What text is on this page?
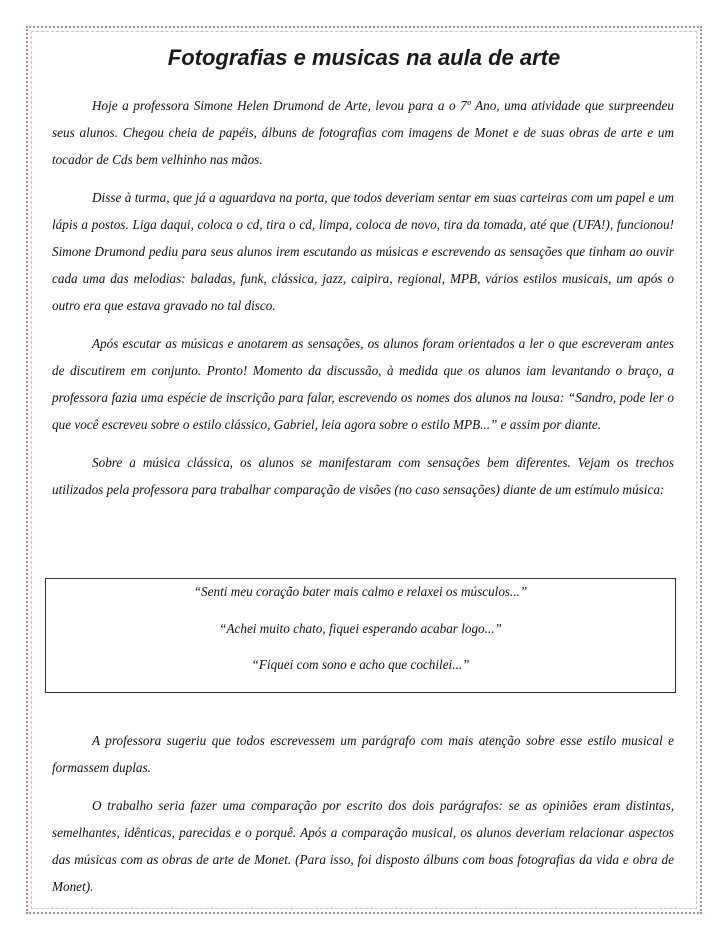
Fotografias e musicas na aula de arte

Hoje a professora Simone Helen Drumond de Arte, levou para a o 7º Ano, uma atividade que surpreendeu seus alunos. Chegou cheia de papéis, álbuns de fotografias com imagens de Monet e de suas obras de arte e um tocador de Cds bem velhinho nas mãos.

Disse à turma, que já a aguardava na porta, que todos deveriam sentar em suas carteiras com um papel e um lápis a postos. Liga daqui, coloca o cd, tira o cd, limpa, coloca de novo, tira da tomada, até que (UFA!), funcionou! Simone Drumond pediu para seus alunos irem escutando as músicas e escrevendo as sensações que tinham ao ouvir cada uma das melodias: baladas, funk, clássica, jazz, caipira, regional, MPB, vários estilos musicais, um após o outro era que estava gravado no tal disco.

Após escutar as músicas e anotarem as sensações, os alunos foram orientados a ler o que escreveram antes de discutirem em conjunto. Pronto! Momento da discussão, à medida que os alunos iam levantando o braço, a professora fazia uma espécie de inscrição para falar, escrevendo os nomes dos alunos na lousa: “Sandro, pode ler o que você escreveu sobre o estilo clássico, Gabriel, leia agora sobre o estilo MPB...” e assim por diante.

Sobre a música clássica, os alunos se manifestaram com sensações bem diferentes. Vejam os trechos utilizados pela professora para trabalhar comparação de visões (no caso sensações) diante de um estímulo música:

“Senti meu coração bater mais calmo e relaxei os músculos...”

“Achei muito chato, fiquei esperando acabar logo...”

“Fiquei com sono e acho que cochilei...”

A professora sugeriu que todos escrevessem um parágrafo com mais atenção sobre esse estilo musical e formassem duplas.

O trabalho seria fazer uma comparação por escrito dos dois parágrafos: se as opiniões eram distintas, semelhantes, idênticas, parecidas e o porquê. Após a comparação musical, os alunos deveriam relacionar aspectos das músicas com as obras de arte de Monet. (Para isso, foi disposto álbuns com boas fotografias da vida e obra de Monet).
